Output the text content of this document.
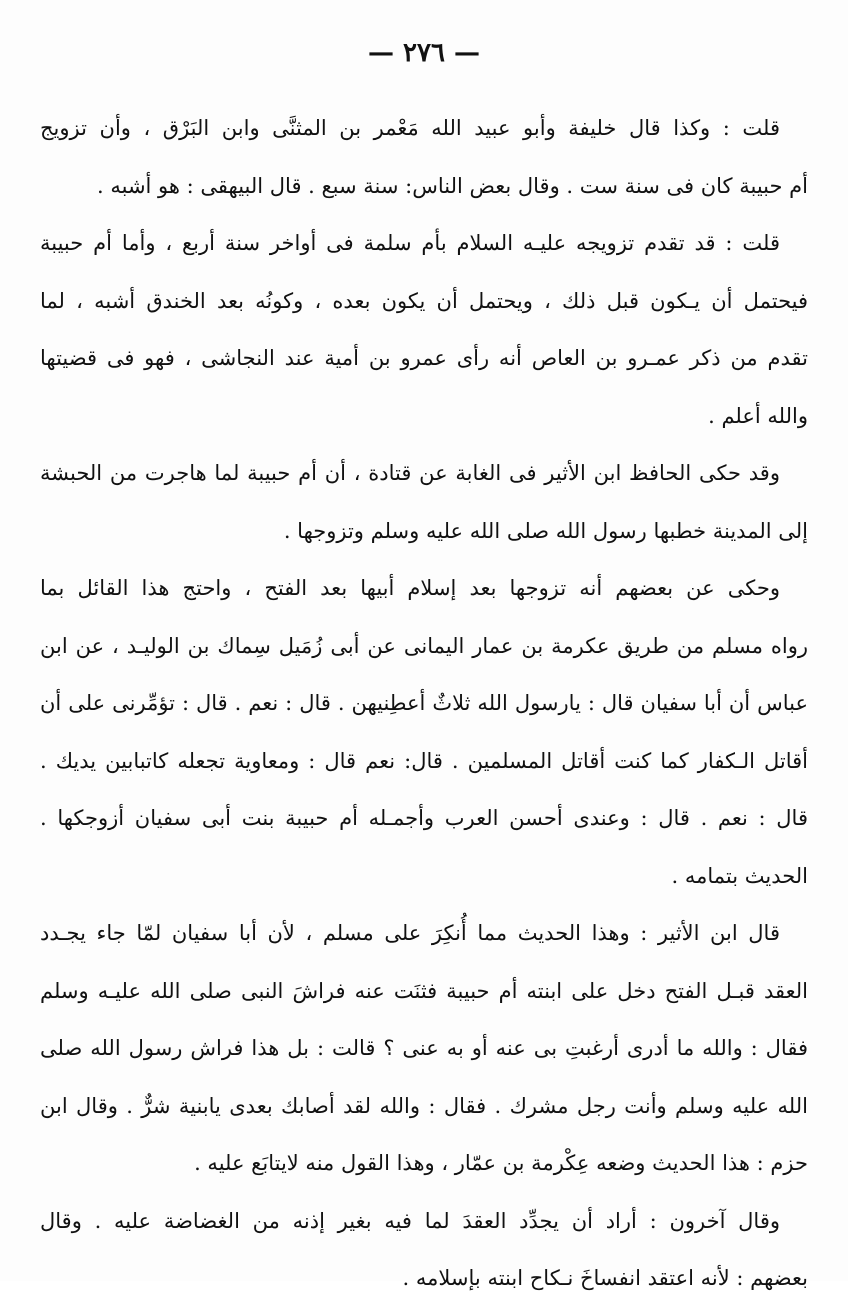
— ٢٧٦ —
قلت : وكذا قال خليفة وأبو عبيد الله مَعْمر بن المثنَّى وابن البَرْق ، وأن تزويج
أم حبيبة كان فى سنة ست . وقال بعض الناس: سنة سبع . قال البيهقى : هو أشبه .
قلت : قد تقدم تزويجه عليـه السلام بأم سلمة فى أواخر سنة أربع ، وأما أم حبيبة
فيحتمل أن يـكون قبل ذلك ، ويحتمل أن يكون بعده ، وكونُه بعد الخندق أشبه ، لما
تقدم من ذكر عمـرو بن العاص أنه رأى عمرو بن أمية عند النجاشى ، فهو فى قضيتها
والله أعلم .
وقد حكى الحافظ ابن الأثير فى الغابة عن قتادة ، أن أم حبيبة لما هاجرت من الحبشة
إلى المدينة خطبها رسول الله صلى الله عليه وسلم وتزوجها .
وحكى عن بعضهم أنه تزوجها بعد إسلام أبيها بعد الفتح ، واحتج هذا القائل بما
رواه مسلم من طريق عكرمة بن عمار اليمانى عن أبى زُمَيل سِماك بن الوليـد ، عن ابن
عباس أن أبا سفيان قال : يارسول الله ثلاثٌ أعطِنيهن . قال : نعم . قال : تؤمِّرنى على أن
أقاتل الـكفار كما كنت أقاتل المسلمين . قال: نعم قال : ومعاوية تجعله كاتبابين يديك .
قال : نعم . قال : وعندى أحسن العرب وأجمـله أم حبيبة بنت أبى سفيان أزوجكها .
الحديث بتمامه .
قال ابن الأثير : وهذا الحديث مما أُنكِرَ على مسلم ، لأن أبا سفيان لمّا جاء يجـدد
العقد قبـل الفتح دخل على ابنته أم حبيبة فثنَت عنه فراشَ النبى صلى الله عليـه وسلم
فقال : والله ما أدرى أرغبتِ بى عنه أو به عنى ؟ قالت : بل هذا فراش رسول الله صلى
الله عليه وسلم وأنت رجل مشرك . فقال : والله لقد أصابك بعدى يابنية شرٌّ . وقال ابن
حزم : هذا الحديث وضعه عِكْرمة بن عمّار ، وهذا القول منه لايتابَع عليه .
وقال آخرون : أراد أن يجدِّد العقدَ لما فيه بغير إذنه من الغضاضة عليه . وقال
بعضهم : لأنه اعتقد انفساخَ نـكاح ابنته بإسلامه .
